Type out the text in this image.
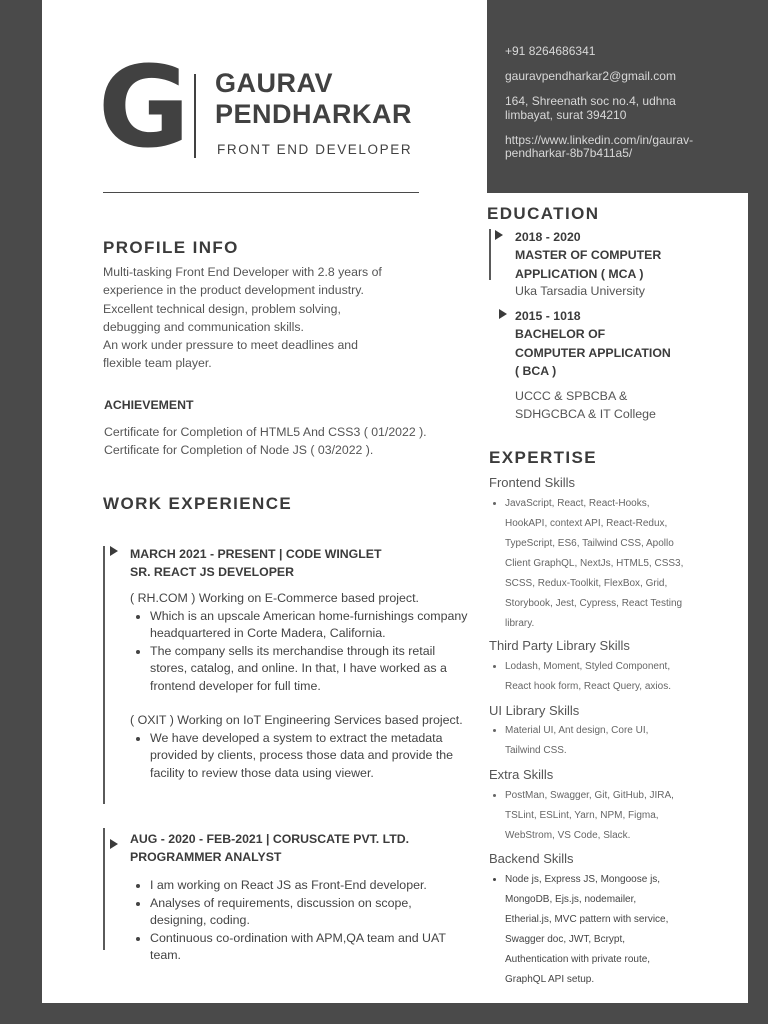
+91 8264686341
gauravpendharkar2@gmail.com
164, Shreenath soc no.4, udhna
limbayat, surat 394210
https://www.linkedin.com/in/gaurav-
pendharkar-8b7b411a5/
G GAURAV
PENDHARKAR
FRONT END DEVELOPER
PROFILE INFO
Multi-tasking Front End Developer with 2.8 years of
experience in the product development industry.
Excellent technical design, problem solving,
debugging and communication skills.
An work under pressure to meet deadlines and
flexible team player.
ACHIEVEMENT
Certificate for Completion of HTML5 And CSS3 ( 01/2022 ).
Certificate for Completion of Node JS ( 03/2022 ).
WORK EXPERIENCE
MARCH 2021 - PRESENT | CODE WINGLET
SR. REACT JS DEVELOPER
( RH.COM ) Working on E-Commerce based project.
• Which is an upscale American home-furnishings company headquartered in Corte Madera, California.
• The company sells its merchandise through its retail stores, catalog, and online. In that, I have worked as a frontend developer for full time.
( OXIT ) Working on IoT Engineering Services based project.
• We have developed a system to extract the metadata provided by clients, process those data and provide the facility to review those data using viewer.
AUG - 2020 - FEB-2021 | CORUSCATE PVT. LTD.
PROGRAMMER ANALYST
• I am working on React JS as Front-End developer.
• Analyses of requirements, discussion on scope, designing, coding.
• Continuous co-ordination with APM,QA team and UAT team.
EDUCATION
2018 - 2020
MASTER OF COMPUTER
APPLICATION ( MCA )
Uka Tarsadia University
2015 - 1018
BACHELOR OF
COMPUTER APPLICATION
( BCA )
UCCC & SPBCBA &
SDHGCBCA & IT College
EXPERTISE
Frontend Skills
• JavaScript, React, React-Hooks,
HookAPI, context API, React-Redux,
TypeScript, ES6, Tailwind CSS, Apollo
Client GraphQL, NextJs, HTML5, CSS3,
SCSS, Redux-Toolkit, FlexBox, Grid,
Storybook, Jest, Cypress, React Testing
library.
Third Party Library Skills
• Lodash, Moment, Styled Component,
React hook form, React Query, axios.
UI Library Skills
• Material UI, Ant design, Core UI,
Tailwind CSS.
Extra Skills
• PostMan, Swagger, Git, GitHub, JIRA,
TSLint, ESLint, Yarn, NPM, Figma,
WebStrom, VS Code, Slack.
Backend Skills
• Node js, Express JS, Mongoose js,
MongoDB, Ejs.js, nodemailer,
Etherial.js, MVC pattern with service,
Swagger doc, JWT, Bcrypt,
Authentication with private route,
GraphQL API setup.
